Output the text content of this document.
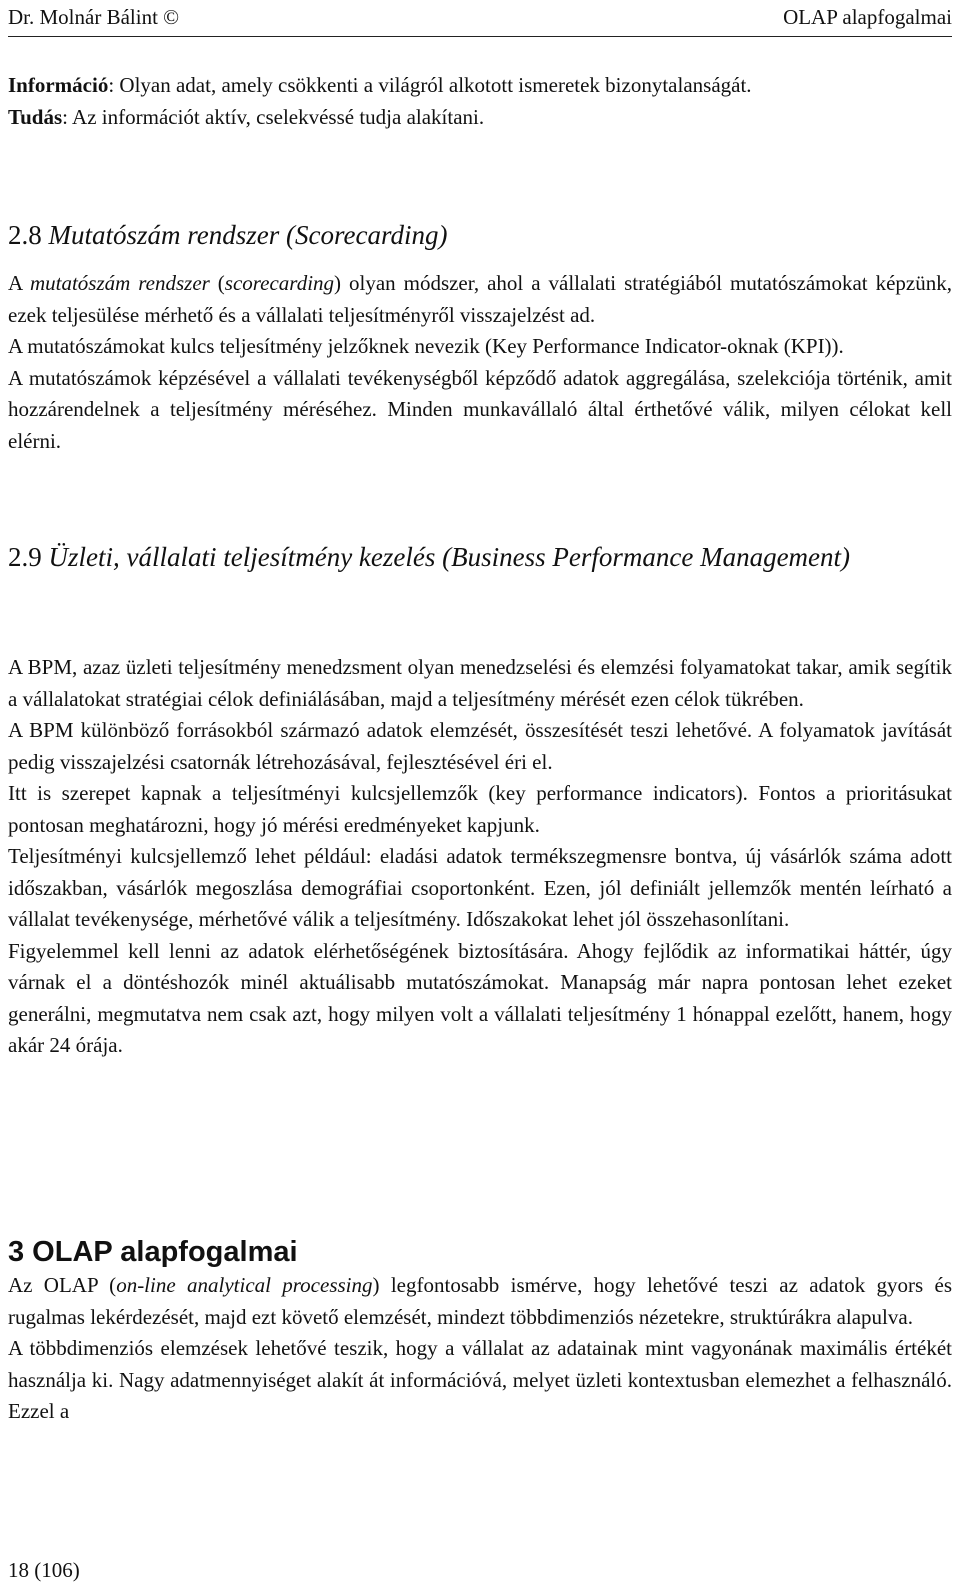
Dr. Molnár Bálint ©	OLAP alapfogalmai

Információ: Olyan adat, amely csökkenti a világról alkotott ismeretek bizonytalanságát.

Tudás: Az információt aktív, cselekvéssé tudja alakítani.

2.8 Mutatószám rendszer (Scorecarding)

A mutatószám rendszer (scorecarding) olyan módszer, ahol a vállalati stratégiából mutatószámokat képzünk, ezek teljesülése mérhető és a vállalati teljesítményről visszajelzést ad.

A mutatószámokat kulcs teljesítmény jelzőknek nevezik (Key Performance Indicator-oknak (KPI)).

A mutatószámok képzésével a vállalati tevékenységből képződő adatok aggregálása, szelekciója történik, amit hozzárendelnek a teljesítmény méréséhez. Minden munkavállaló által érthetővé válik, milyen célokat kell elérni.

2.9 Üzleti, vállalati teljesítmény kezelés (Business Performance Management)

A BPM, azaz üzleti teljesítmény menedzsment olyan menedzselési és elemzési folyamatokat takar, amik segítik a vállalatokat stratégiai célok definiálásában, majd a teljesítmény mérését ezen célok tükrében.

A BPM különböző forrásokból származó adatok elemzését, összesítését teszi lehetővé. A folyamatok javítását pedig visszajelzési csatornák létrehozásával, fejlesztésével éri el.

Itt is szerepet kapnak a teljesítményi kulcsjellemzők (key performance indicators). Fontos a prioritásukat pontosan meghatározni, hogy jó mérési eredményeket kapjunk.

Teljesítményi kulcsjellemző lehet például: eladási adatok termékszegmensre bontva, új vásárlók száma adott időszakban, vásárlók megoszlása demográfiai csoportonként. Ezen, jól definiált jellemzők mentén leírható a vállalat tevékenysége, mérhetővé válik a teljesítmény. Időszakokat lehet jól összehasonlítani.

Figyelemmel kell lenni az adatok elérhetőségének biztosítására. Ahogy fejlődik az informatikai háttér, úgy várnak el a döntéshozók minél aktuálisabb mutatószámokat. Manapság már napra pontosan lehet ezeket generálni, megmutatva nem csak azt, hogy milyen volt a vállalati teljesítmény 1 hónappal ezelőtt, hanem, hogy akár 24 órája.

3 OLAP alapfogalmai

Az OLAP (on-line analytical processing) legfontosabb ismérve, hogy lehetővé teszi az adatok gyors és rugalmas lekérdezését, majd ezt követő elemzését, mindezt többdimenziós nézetekre, struktúrákra alapulva.

A többdimenziós elemzések lehetővé teszik, hogy a vállalat az adatainak mint vagyonának maximális értékét használja ki. Nagy adatmennyiséget alakít át információvá, melyet üzleti kontextusban elemezhet a felhasználó. Ezzel a

18 (106)
